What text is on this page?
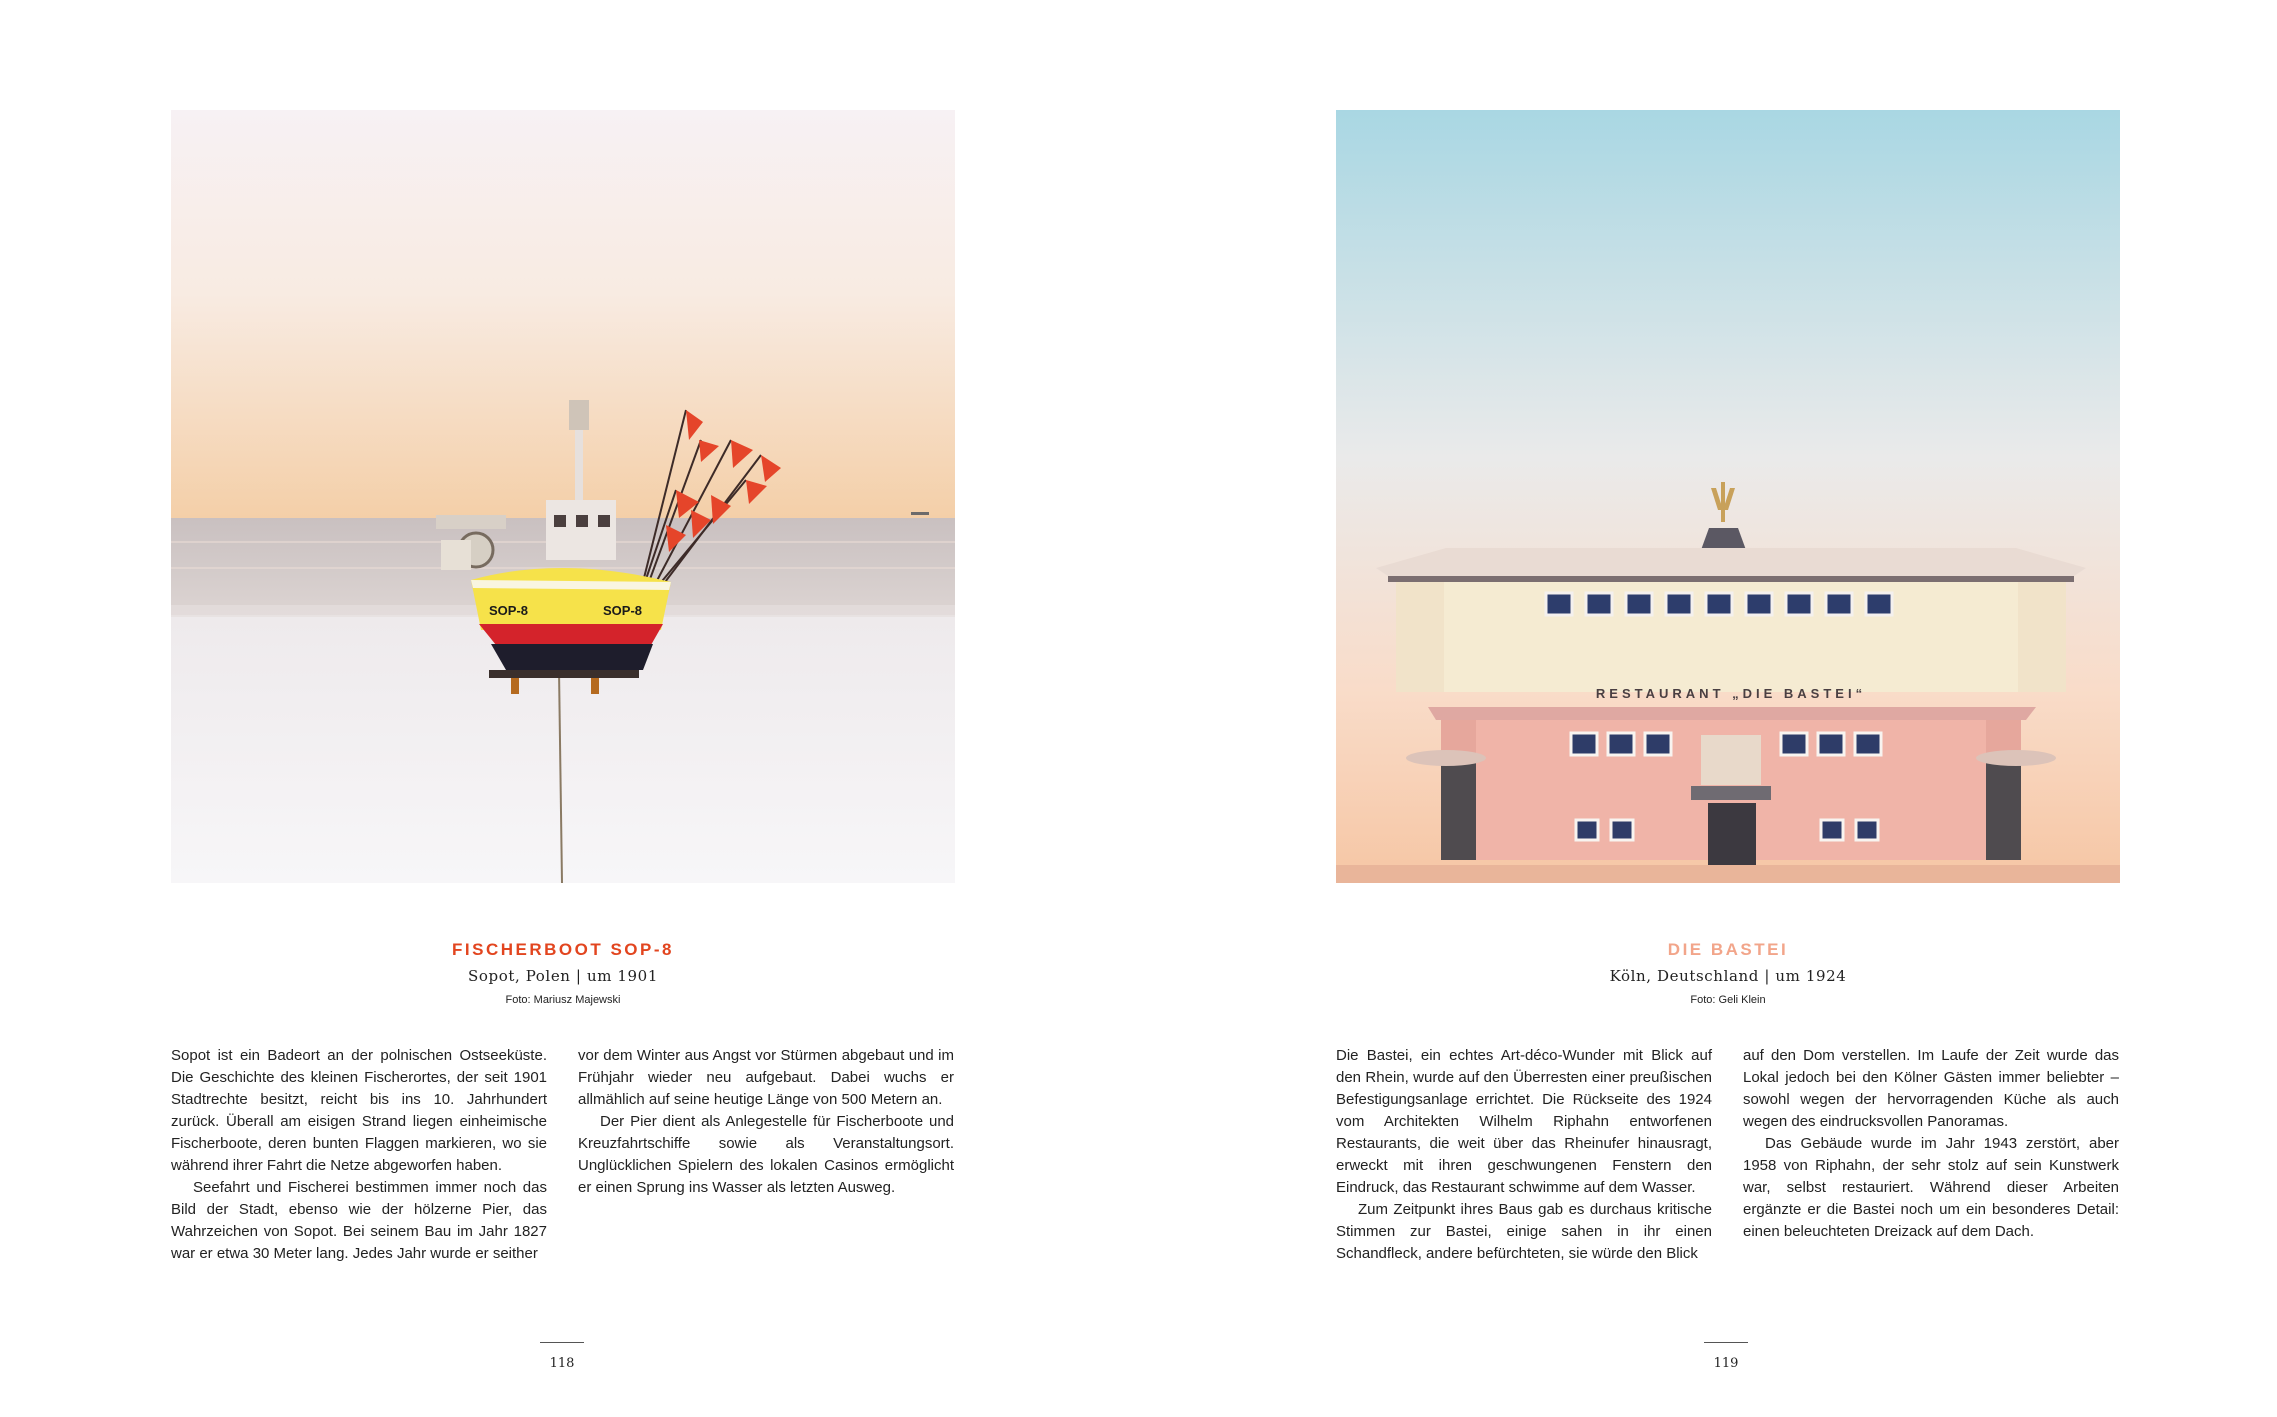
SOP-8	SOP-8

FISCHERBOOT SOP-8

Sopot, Polen | um 1901

Foto: Mariusz Majewski

Sopot ist ein Badeort an der polnischen Ostseeküste. Die Geschichte des kleinen Fischerortes, der seit 1901 Stadtrechte besitzt, reicht bis ins 10. Jahrhundert zurück. Überall am eisigen Strand liegen einheimische Fischerboote, deren bunten Flaggen markieren, wo sie während ihrer Fahrt die Netze abgeworfen haben.

Seefahrt und Fischerei bestimmen immer noch das Bild der Stadt, ebenso wie der hölzerne Pier, das Wahrzeichen von Sopot. Bei seinem Bau im Jahr 1827 war er etwa 30 Meter lang. Jedes Jahr wurde er seither

vor dem Winter aus Angst vor Stürmen abgebaut und im Frühjahr wieder neu aufgebaut. Dabei wuchs er allmählich auf seine heutige Länge von 500 Metern an.

Der Pier dient als Anlegestelle für Fischerboote und Kreuzfahrtschiffe sowie als Veranstaltungsort. Unglücklichen Spielern des lokalen Casinos ermöglicht er einen Sprung ins Wasser als letzten Ausweg.

118
RESTAURANT „DIE BASTEI“

DIE BASTEI

Köln, Deutschland | um 1924

Foto: Geli Klein

Die Bastei, ein echtes Art-déco-Wunder mit Blick auf den Rhein, wurde auf den Überresten einer preußischen Befestigungsanlage errichtet. Die Rückseite des 1924 vom Architekten Wilhelm Riphahn entworfenen Restaurants, die weit über das Rheinufer hinausragt, erweckt mit ihren geschwungenen Fenstern den Eindruck, das Restaurant schwimme auf dem Wasser.

Zum Zeitpunkt ihres Baus gab es durchaus kritische Stimmen zur Bastei, einige sahen in ihr einen Schandfleck, andere befürchteten, sie würde den Blick

auf den Dom verstellen. Im Laufe der Zeit wurde das Lokal jedoch bei den Kölner Gästen immer beliebter – sowohl wegen der hervorragenden Küche als auch wegen des eindrucksvollen Panoramas.

Das Gebäude wurde im Jahr 1943 zerstört, aber 1958 von Riphahn, der sehr stolz auf sein Kunstwerk war, selbst restauriert. Während dieser Arbeiten ergänzte er die Bastei noch um ein besonderes Detail: einen beleuchteten Dreizack auf dem Dach.

119
